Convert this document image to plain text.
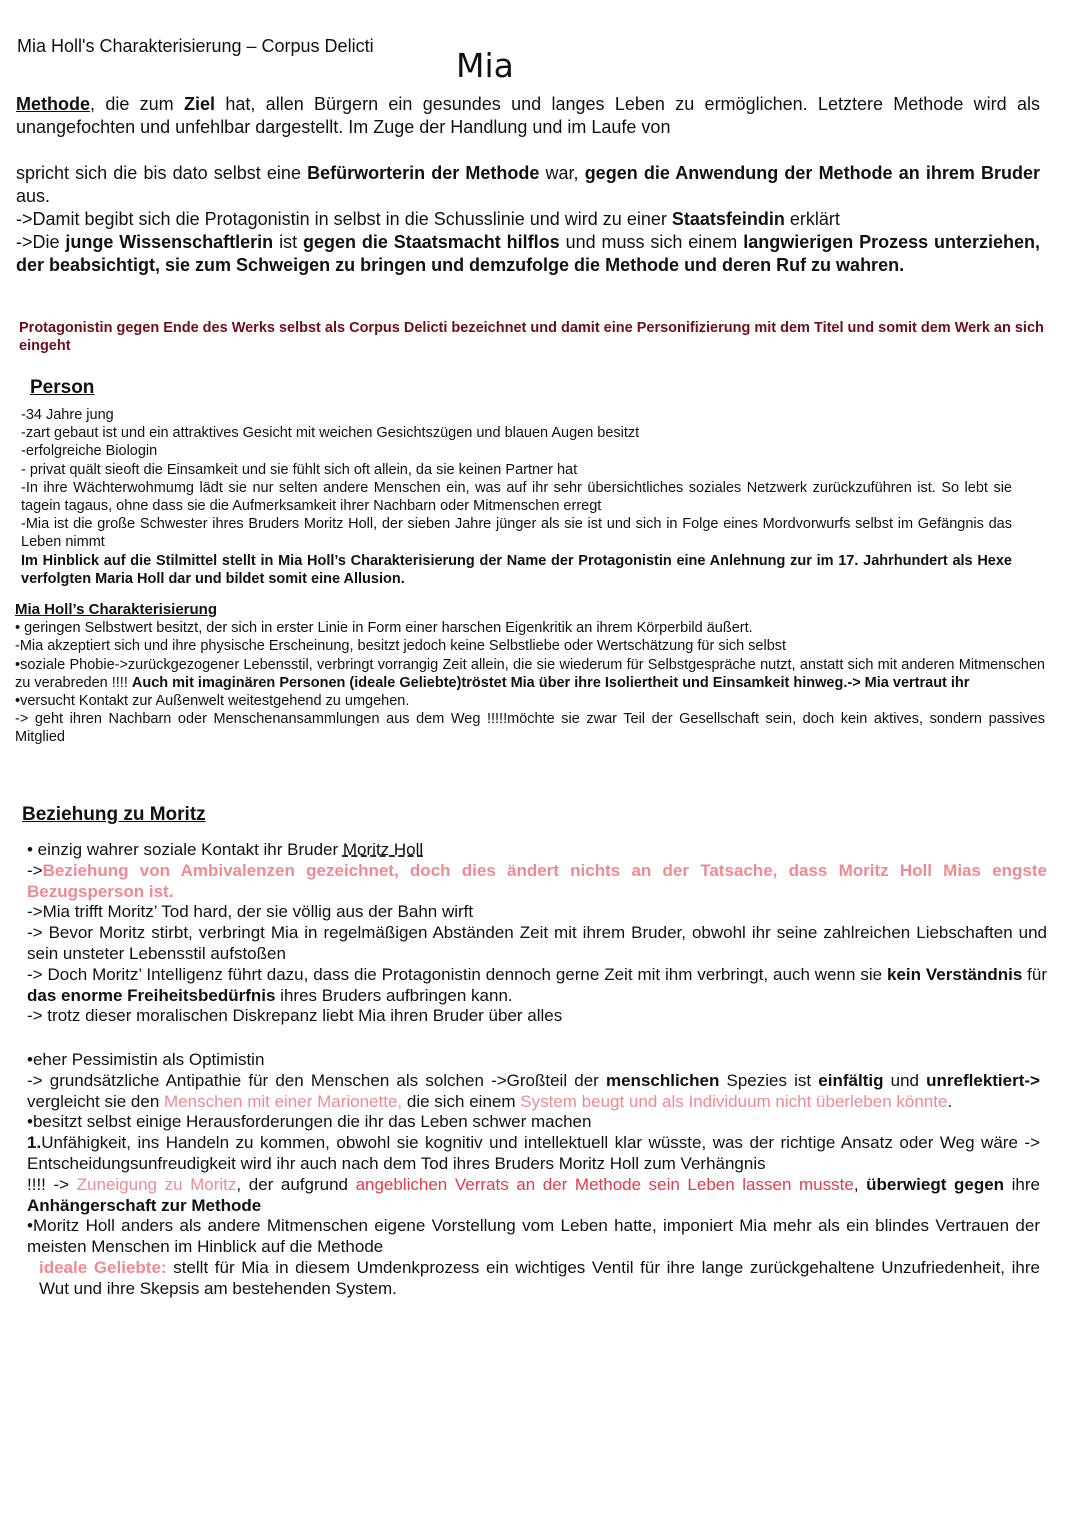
Mia Holl's Charakterisierung – Corpus Delicti Mia

Methode, die zum Ziel hat, allen Bürgern ein gesundes und langes Leben zu ermöglichen. Letztere Methode wird als unangefochten und unfehlbar dargestellt. Im Zuge der Handlung und im Laufe von

spricht sich die bis dato selbst eine Befürworterin der Methode war, gegen die Anwendung der Methode an ihrem Bruder aus.

->Damit begibt sich die Protagonistin in selbst in die Schusslinie und wird zu einer Staatsfeindin erklärt

->Die junge Wissenschaftlerin ist gegen die Staatsmacht hilflos und muss sich einem langwierigen Prozess unterziehen, der beabsichtigt, sie zum Schweigen zu bringen und demzufolge die Methode und deren Ruf zu wahren.

Protagonistin gegen Ende des Werks selbst als Corpus Delicti bezeichnet und damit eine Personifizierung mit dem Titel und somit dem Werk an sich eingeht
Person

-34 Jahre jung

-zart gebaut ist und ein attraktives Gesicht mit weichen Gesichtszügen und blauen Augen besitzt

-erfolgreiche Biologin

- privat quält sieoft die Einsamkeit und sie fühlt sich oft allein, da sie keinen Partner hat

-In ihre Wächterwohmumg lädt sie nur selten andere Menschen ein, was auf ihr sehr übersichtliches soziales Netzwerk zurückzuführen ist. So lebt sie tagein tagaus, ohne dass sie die Aufmerksamkeit ihrer Nachbarn oder Mitmenschen erregt

-Mia ist die große Schwester ihres Bruders Moritz Holl, der sieben Jahre jünger als sie ist und sich in Folge eines Mordvorwurfs selbst im Gefängnis das Leben nimmt

Im Hinblick auf die Stilmittel stellt in Mia Holl’s Charakterisierung der Name der Protagonistin eine Anlehnung zur im 17. Jahrhundert als Hexe verfolgten Maria Holl dar und bildet somit eine Allusion.

Mia Holl’s Charakterisierung

• geringen Selbstwert besitzt, der sich in erster Linie in Form einer harschen Eigenkritik an ihrem Körperbild äußert.

-Mia akzeptiert sich und ihre physische Erscheinung, besitzt jedoch keine Selbstliebe oder Wertschätzung für sich selbst

•soziale Phobie->zurückgezogener Lebensstil, verbringt vorrangig Zeit allein, die sie wiederum für Selbstgespräche nutzt, anstatt sich mit anderen Mitmenschen zu verabreden !!!! Auch mit imaginären Personen (ideale Geliebte)tröstet Mia über ihre Isoliertheit und Einsamkeit hinweg.-> Mia vertraut ihr

•versucht Kontakt zur Außenwelt weitestgehend zu umgehen.

-> geht ihren Nachbarn oder Menschenansammlungen aus dem Weg !!!!!möchte sie zwar Teil der Gesellschaft sein, doch kein aktives, sondern passives Mitglied

Beziehung zu Moritz

• einzig wahrer soziale Kontakt ihr Bruder Moritz Holl

->Beziehung von Ambivalenzen gezeichnet, doch dies ändert nichts an der Tatsache, dass Moritz Holl Mias engste Bezugsperson ist.

->Mia trifft Moritz’ Tod hard, der sie völlig aus der Bahn wirft

-> Bevor Moritz stirbt, verbringt Mia in regelmäßigen Abständen Zeit mit ihrem Bruder, obwohl ihr seine zahlreichen Liebschaften und sein unsteter Lebensstil aufstoßen

-> Doch Moritz’ Intelligenz führt dazu, dass die Protagonistin dennoch gerne Zeit mit ihm verbringt, auch wenn sie kein Verständnis für das enorme Freiheitsbedürfnis ihres Bruders aufbringen kann.

-> trotz dieser moralischen Diskrepanz liebt Mia ihren Bruder über alles

•eher Pessimistin als Optimistin

-> grundsätzliche Antipathie für den Menschen als solchen ->Großteil der menschlichen Spezies ist einfältig und unreflektiert-> vergleicht sie den Menschen mit einer Marionette, die sich einem System beugt und als Individuum nicht überleben könnte.

•besitzt selbst einige Herausforderungen die ihr das Leben schwer machen

1.Unfähigkeit, ins Handeln zu kommen, obwohl sie kognitiv und intellektuell klar wüsste, was der richtige Ansatz oder Weg wäre -> Entscheidungsunfreudigkeit wird ihr auch nach dem Tod ihres Bruders Moritz Holl zum Verhängnis

!!!! -> Zuneigung zu Moritz, der aufgrund angeblichen Verrats an der Methode sein Leben lassen musste, überwiegt gegen ihre Anhängerschaft zur Methode

•Moritz Holl anders als andere Mitmenschen eigene Vorstellung vom Leben hatte, imponiert Mia mehr als ein blindes Vertrauen der meisten Menschen im Hinblick auf die Methode

ideale Geliebte: stellt für Mia in diesem Umdenkprozess ein wichtiges Ventil für ihre lange zurückgehaltene Unzufriedenheit, ihre Wut und ihre Skepsis am bestehenden System.
